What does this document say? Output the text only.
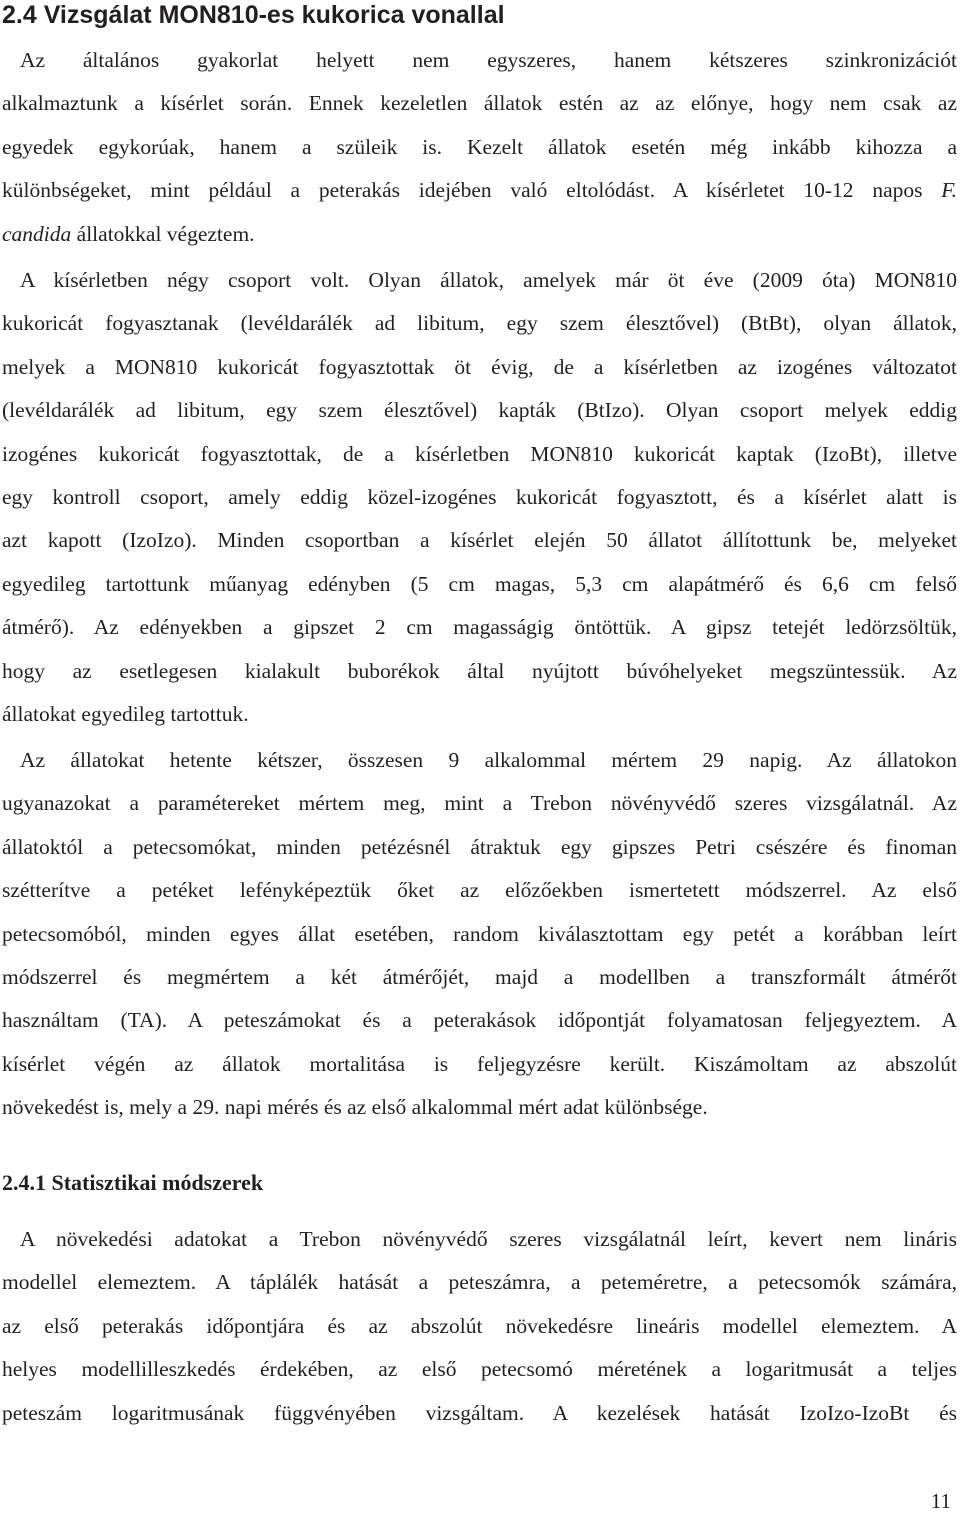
2.4 Vizsgálat MON810-es kukorica vonallal
Az általános gyakorlat helyett nem egyszeres, hanem kétszeres szinkronizációt
alkalmaztunk a kísérlet során. Ennek kezeletlen állatok estén az az előnye, hogy nem csak az
egyedek egykorúak, hanem a szüleik is. Kezelt állatok esetén még inkább kihozza a
különbségeket, mint például a peterakás idejében való eltolódást. A kísérletet 10-12 napos F.
candida állatokkal végeztem.
A kísérletben négy csoport volt. Olyan állatok, amelyek már öt éve (2009 óta) MON810
kukoricát fogyasztanak (levéldarálék ad libitum, egy szem élesztővel) (BtBt), olyan állatok,
melyek a MON810 kukoricát fogyasztottak öt évig, de a kísérletben az izogénes változatot
(levéldarálék ad libitum, egy szem élesztővel) kapták (BtIzo). Olyan csoport melyek eddig
izogénes kukoricát fogyasztottak, de a kísérletben MON810 kukoricát kaptak (IzoBt), illetve
egy kontroll csoport, amely eddig közel-izogénes kukoricát fogyasztott, és a kísérlet alatt is
azt kapott (IzoIzo). Minden csoportban a kísérlet elején 50 állatot állítottunk be, melyeket
egyedileg tartottunk műanyag edényben (5 cm magas, 5,3 cm alapátmérő és 6,6 cm felső
átmérő). Az edényekben a gipszet 2 cm magasságig öntöttük. A gipsz tetejét ledörzsöltük,
hogy az esetlegesen kialakult buborékok által nyújtott búvóhelyeket megszüntessük. Az
állatokat egyedileg tartottuk.
Az állatokat hetente kétszer, összesen 9 alkalommal mértem 29 napig. Az állatokon
ugyanazokat a paramétereket mértem meg, mint a Trebon növényvédő szeres vizsgálatnál. Az
állatoktól a petecsomókat, minden petézésnél átraktuk egy gipszes Petri csészére és finoman
szétterítve a petéket lefényképeztük őket az előzőekben ismertetett módszerrel. Az első
petecsomóból, minden egyes állat esetében, random kiválasztottam egy petét a korábban leírt
módszerrel és megmértem a két átmérőjét, majd a modellben a transzformált átmérőt
használtam (TA). A peteszámokat és a peterakások időpontját folyamatosan feljegyeztem. A
kísérlet végén az állatok mortalitása is feljegyzésre került. Kiszámoltam az abszolút
növekedést is, mely a 29. napi mérés és az első alkalommal mért adat különbsége.
2.4.1 Statisztikai módszerek
A növekedési adatokat a Trebon növényvédő szeres vizsgálatnál leírt, kevert nem lináris
modellel elemeztem. A táplálék hatását a peteszámra, a peteméretre, a petecsomók számára,
az első peterakás időpontjára és az abszolút növekedésre lineáris modellel elemeztem. A
helyes modellilleszkedés érdekében, az első petecsomó méretének a logaritmusát a teljes
peteszám logaritmusának függvényében vizsgáltam. A kezelések hatását IzoIzo-IzoBt és
11
